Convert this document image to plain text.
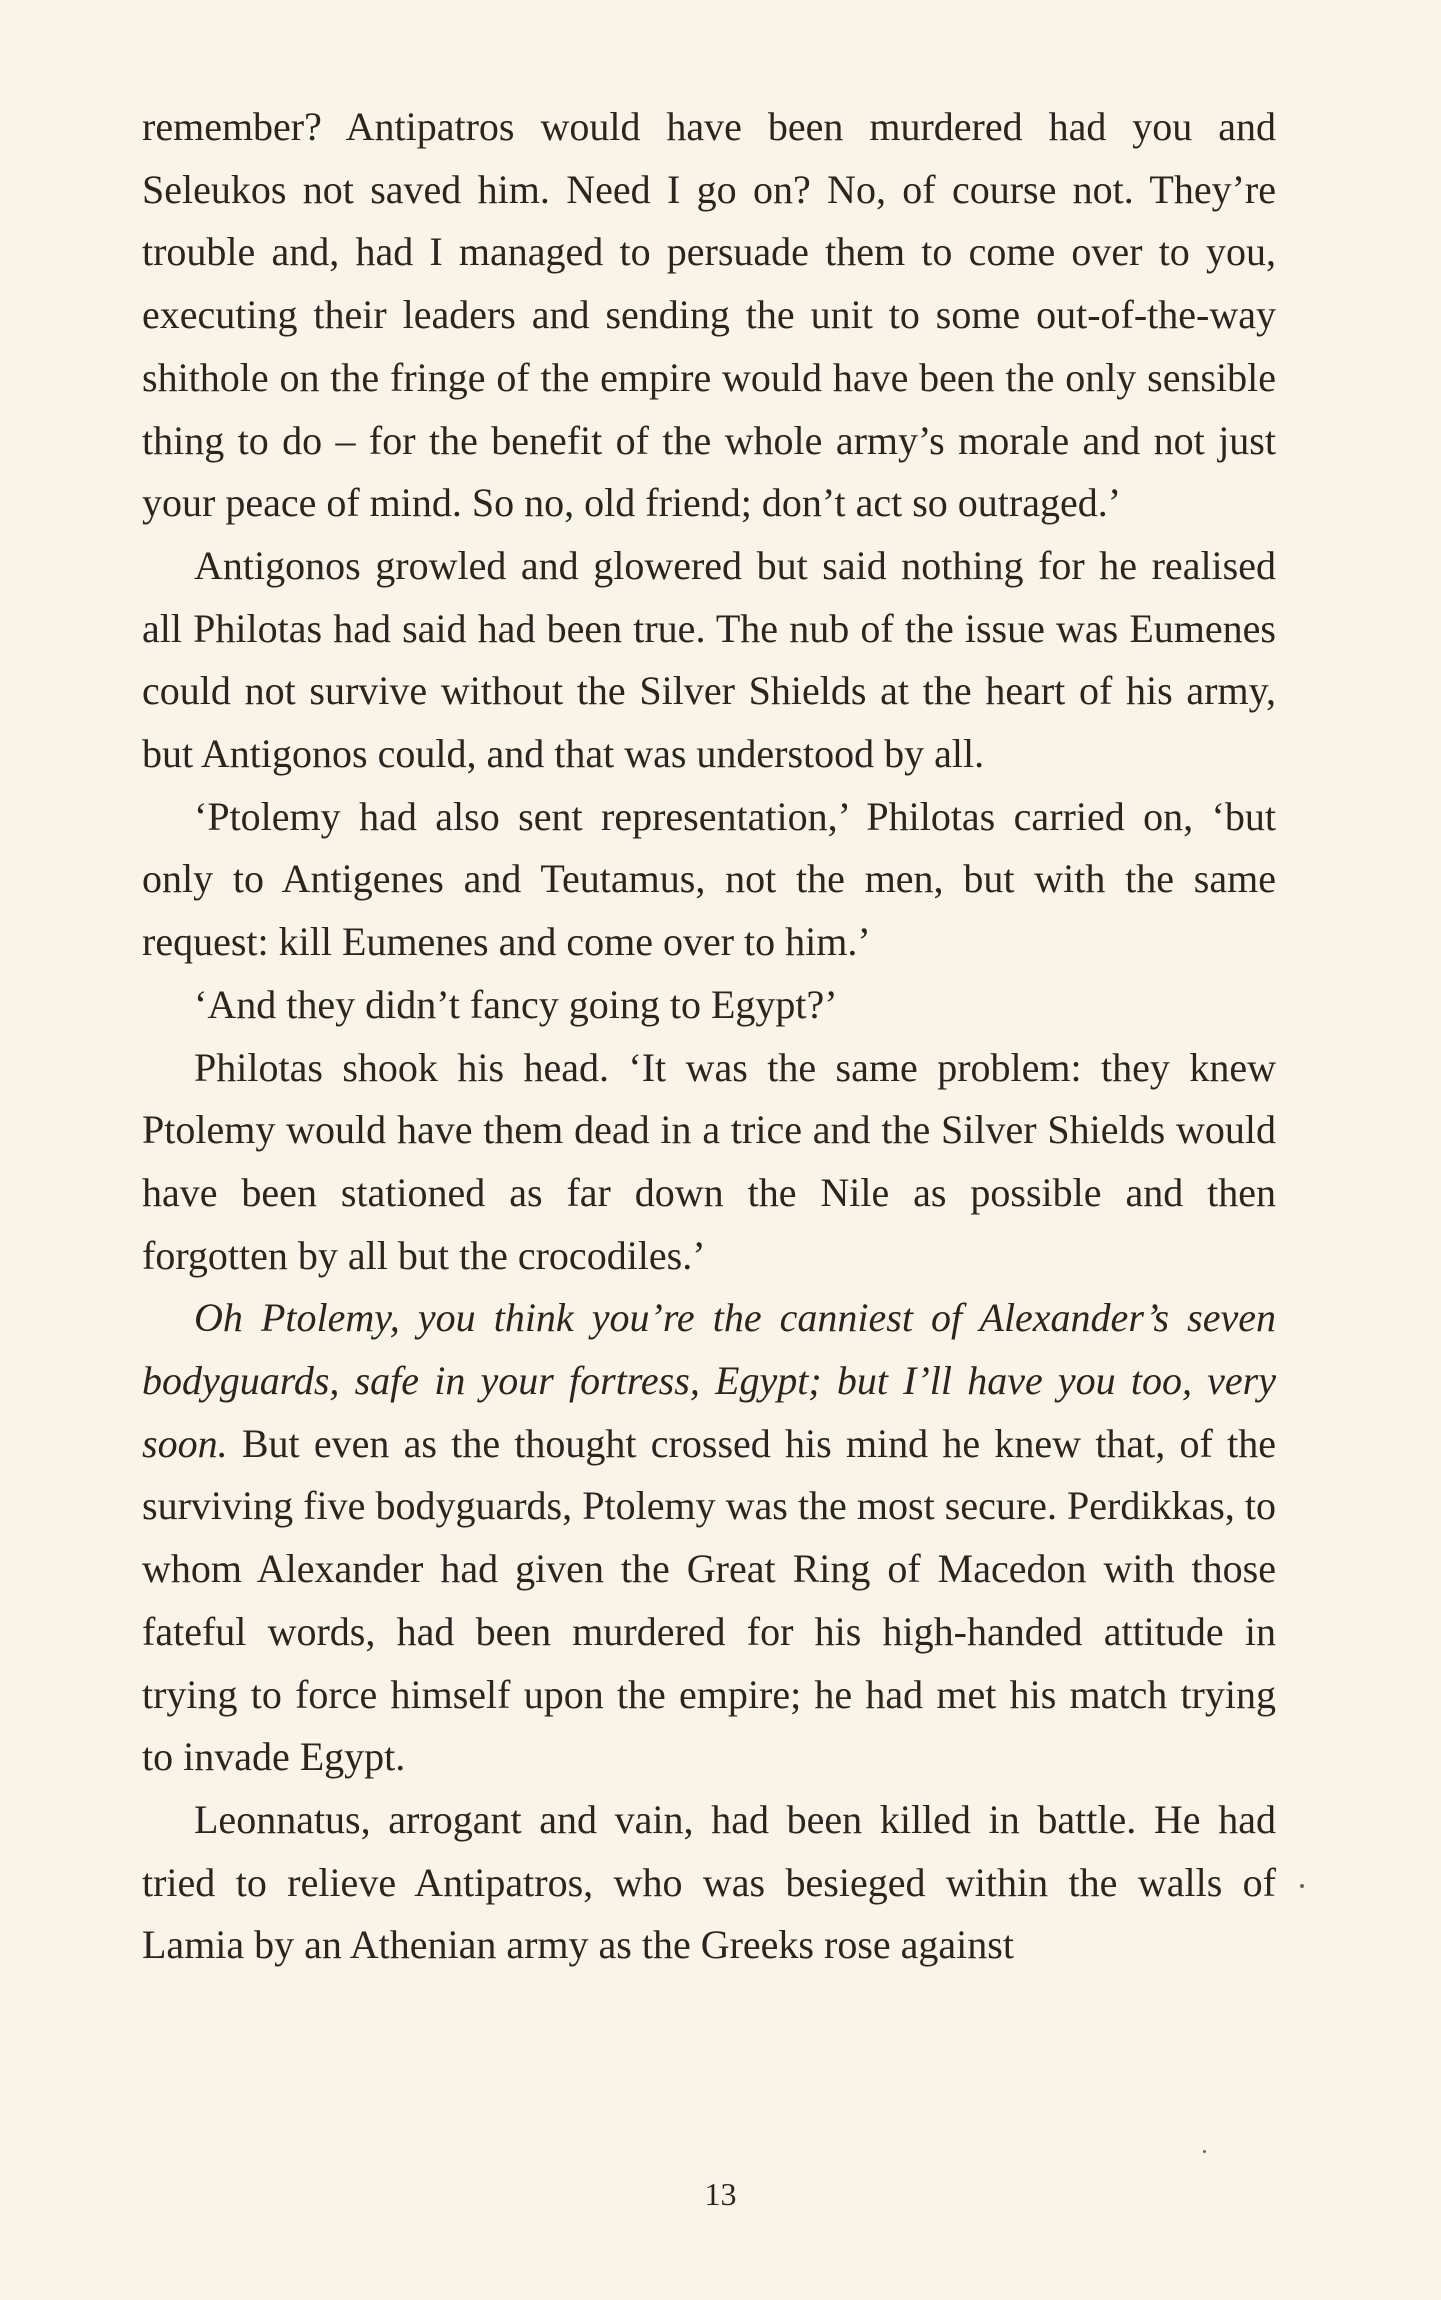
remember? Antipatros would have been murdered had you and Seleukos not saved him. Need I go on? No, of course not. They’re trouble and, had I managed to persuade them to come over to you, executing their leaders and sending the unit to some out-of-the-way shithole on the fringe of the empire would have been the only sensible thing to do – for the benefit of the whole army’s morale and not just your peace of mind. So no, old friend; don’t act so outraged.’

Antigonos growled and glowered but said nothing for he realised all Philotas had said had been true. The nub of the issue was Eumenes could not survive without the Silver Shields at the heart of his army, but Antigonos could, and that was understood by all.

‘Ptolemy had also sent representation,’ Philotas carried on, ‘but only to Antigenes and Teutamus, not the men, but with the same request: kill Eumenes and come over to him.’

‘And they didn’t fancy going to Egypt?’

Philotas shook his head. ‘It was the same problem: they knew Ptolemy would have them dead in a trice and the Silver Shields would have been stationed as far down the Nile as possible and then forgotten by all but the crocodiles.’

Oh Ptolemy, you think you’re the canniest of Alexander’s seven bodyguards, safe in your fortress, Egypt; but I’ll have you too, very soon. But even as the thought crossed his mind he knew that, of the surviving five bodyguards, Ptolemy was the most secure. Perdikkas, to whom Alexander had given the Great Ring of Macedon with those fateful words, had been murdered for his high-handed attitude in trying to force himself upon the empire; he had met his match trying to invade Egypt.

Leonnatus, arrogant and vain, had been killed in battle. He had tried to relieve Antipatros, who was besieged within the walls of Lamia by an Athenian army as the Greeks rose against

13
